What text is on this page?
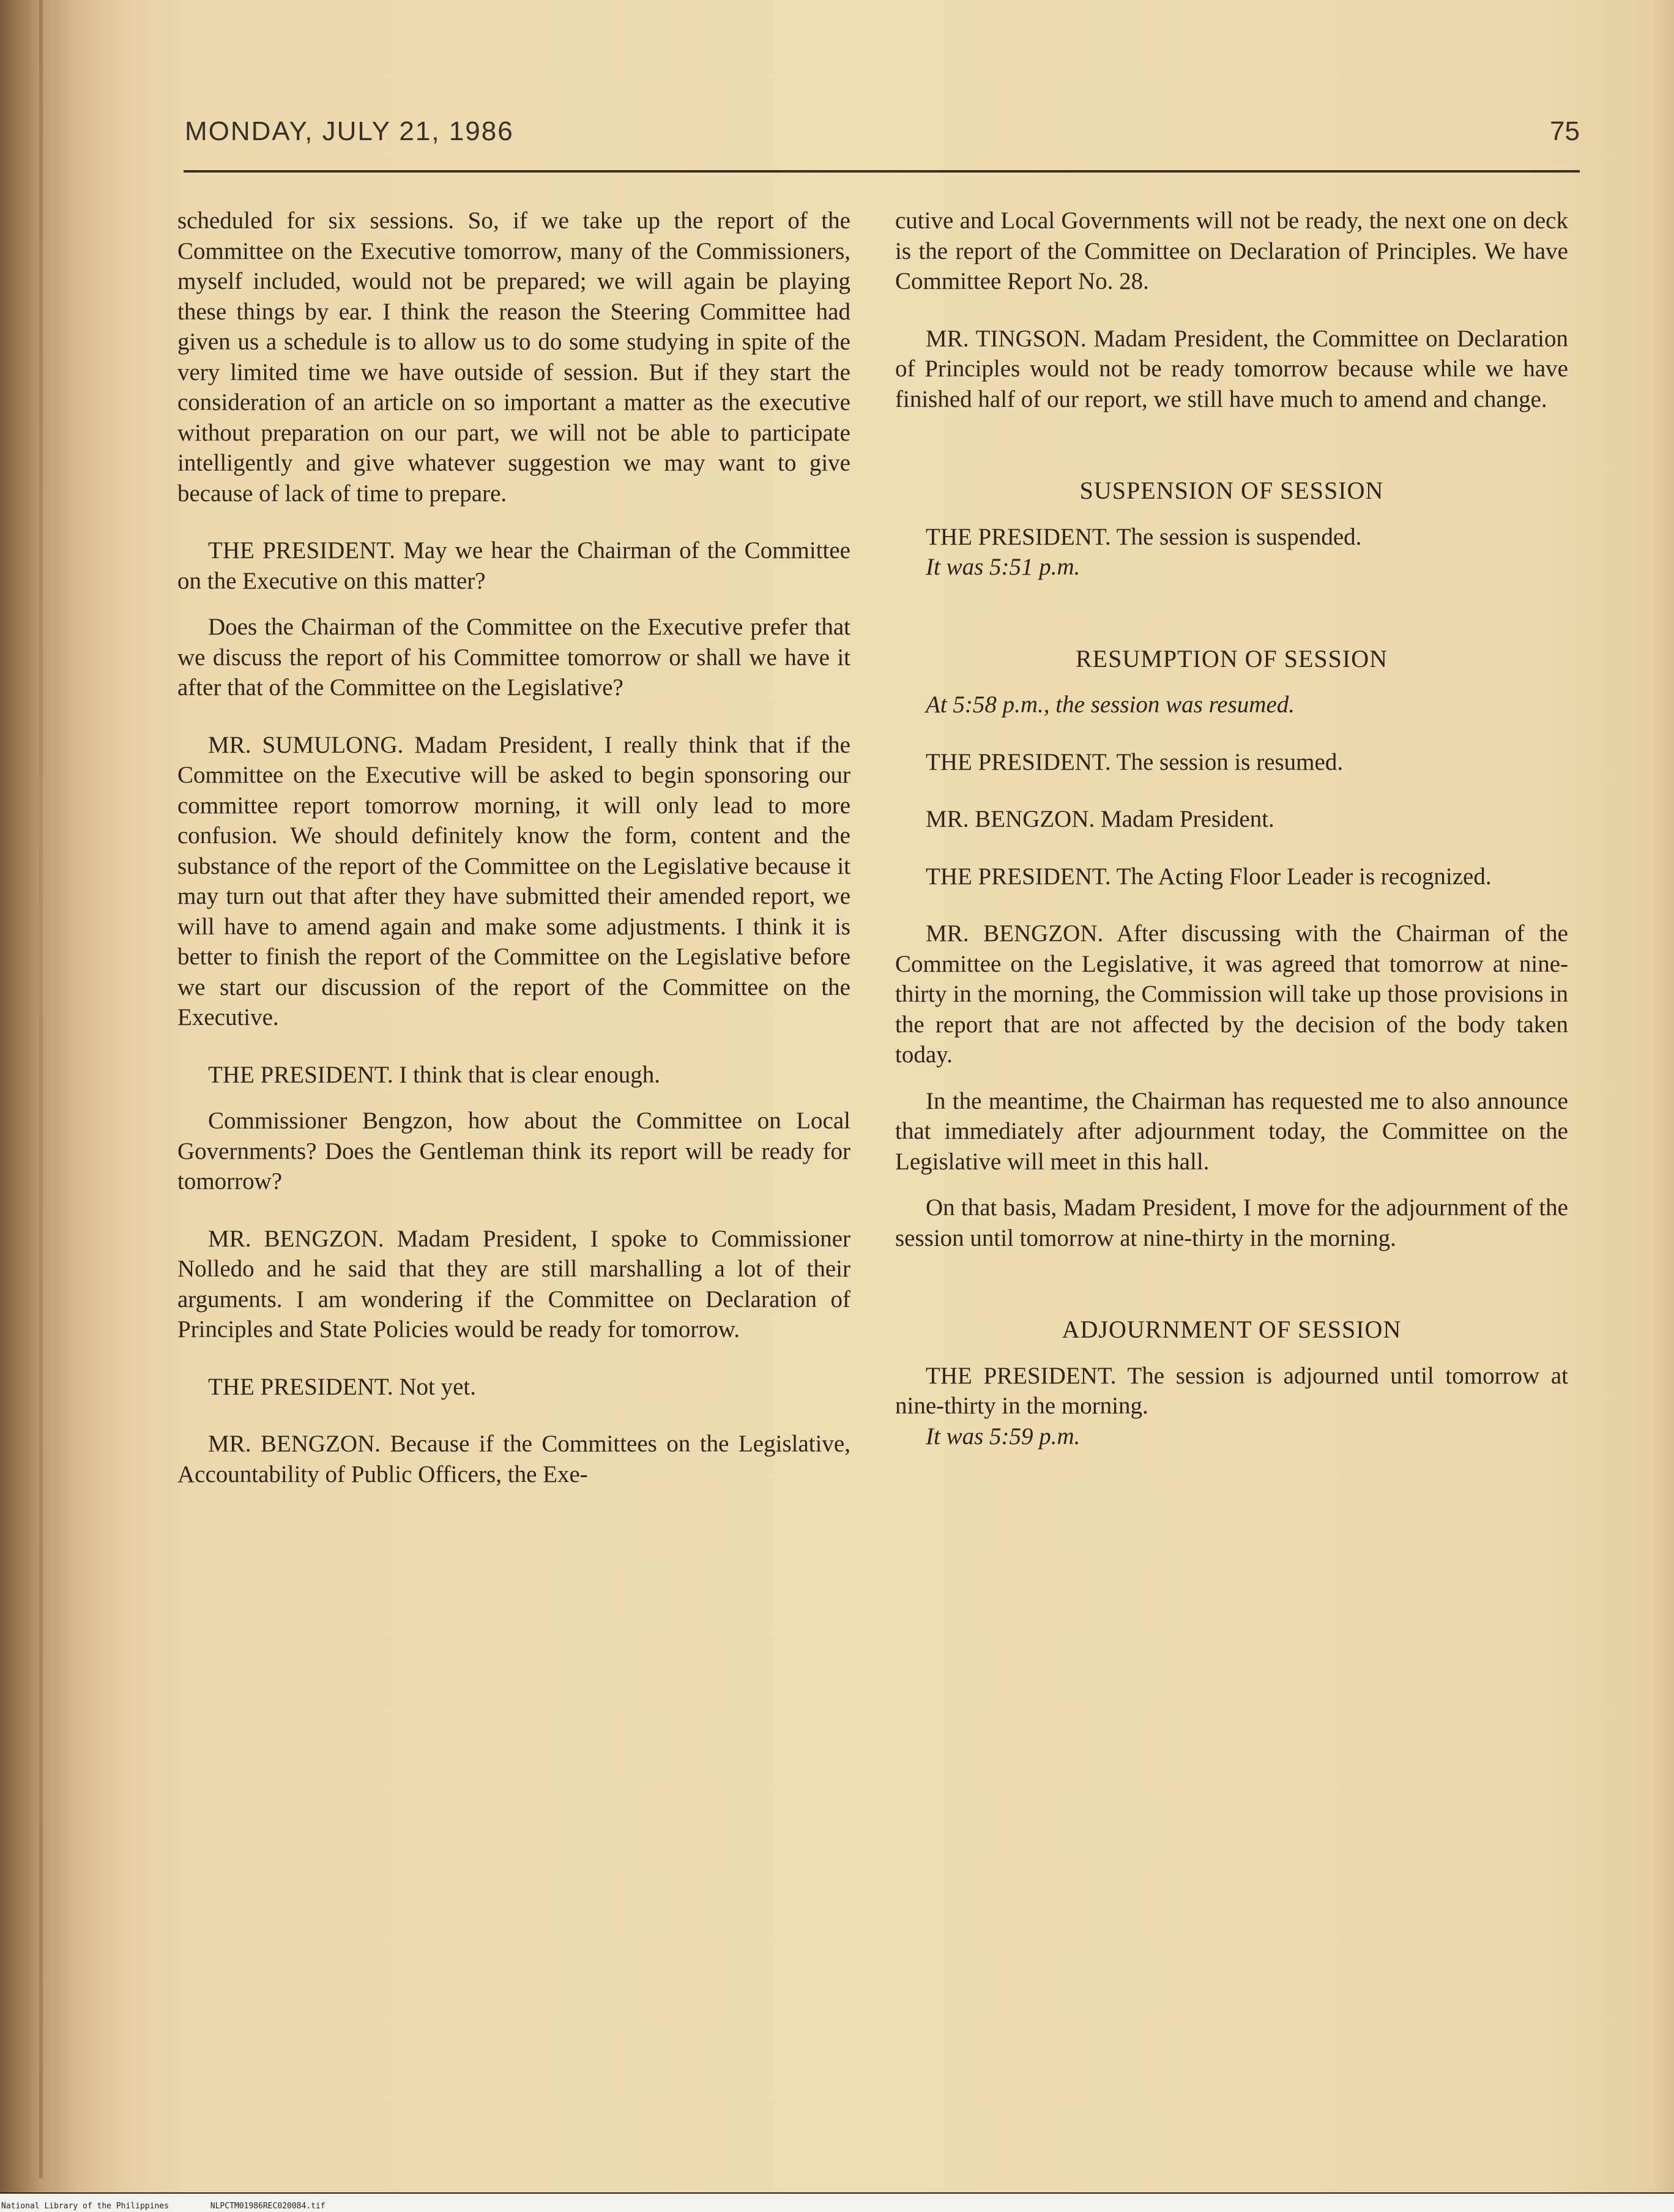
MONDAY, JULY 21, 1986	75

scheduled for six sessions. So, if we take up the report of the Committee on the Executive tomorrow, many of the Commissioners, myself included, would not be prepared; we will again be playing these things by ear. I think the reason the Steering Committee had given us a schedule is to allow us to do some studying in spite of the very limited time we have outside of session. But if they start the consideration of an article on so important a matter as the executive without preparation on our part, we will not be able to participate intelligently and give whatever suggestion we may want to give because of lack of time to prepare.

THE PRESIDENT. May we hear the Chairman of the Committee on the Executive on this matter?

Does the Chairman of the Committee on the Executive prefer that we discuss the report of his Committee tomorrow or shall we have it after that of the Committee on the Legislative?

MR. SUMULONG. Madam President, I really think that if the Committee on the Executive will be asked to begin sponsoring our committee report tomorrow morning, it will only lead to more confusion. We should definitely know the form, content and the substance of the report of the Committee on the Legislative because it may turn out that after they have submitted their amended report, we will have to amend again and make some adjustments. I think it is better to finish the report of the Committee on the Legislative before we start our discussion of the report of the Committee on the Executive.

THE PRESIDENT. I think that is clear enough.

Commissioner Bengzon, how about the Committee on Local Governments? Does the Gentleman think its report will be ready for tomorrow?

MR. BENGZON. Madam President, I spoke to Commissioner Nolledo and he said that they are still marshalling a lot of their arguments. I am wondering if the Committee on Declaration of Principles and State Policies would be ready for tomorrow.

THE PRESIDENT. Not yet.

MR. BENGZON. Because if the Committees on the Legislative, Accountability of Public Officers, the Exe-

cutive and Local Governments will not be ready, the next one on deck is the report of the Committee on Declaration of Principles. We have Committee Report No. 28.

MR. TINGSON. Madam President, the Committee on Declaration of Principles would not be ready tomorrow because while we have finished half of our report, we still have much to amend and change.

SUSPENSION OF SESSION

THE PRESIDENT. The session is suspended.

It was 5:51 p.m.

RESUMPTION OF SESSION

At 5:58 p.m., the session was resumed.

THE PRESIDENT. The session is resumed.

MR. BENGZON. Madam President.

THE PRESIDENT. The Acting Floor Leader is recognized.

MR. BENGZON. After discussing with the Chairman of the Committee on the Legislative, it was agreed that tomorrow at nine-thirty in the morning, the Commission will take up those provisions in the report that are not affected by the decision of the body taken today.

In the meantime, the Chairman has requested me to also announce that immediately after adjournment today, the Committee on the Legislative will meet in this hall.

On that basis, Madam President, I move for the adjournment of the session until tomorrow at nine-thirty in the morning.

ADJOURNMENT OF SESSION

THE PRESIDENT. The session is adjourned until tomorrow at nine-thirty in the morning.

It was 5:59 p.m.

National Library of the Philippines	NLPCTM01986REC020084.tif
